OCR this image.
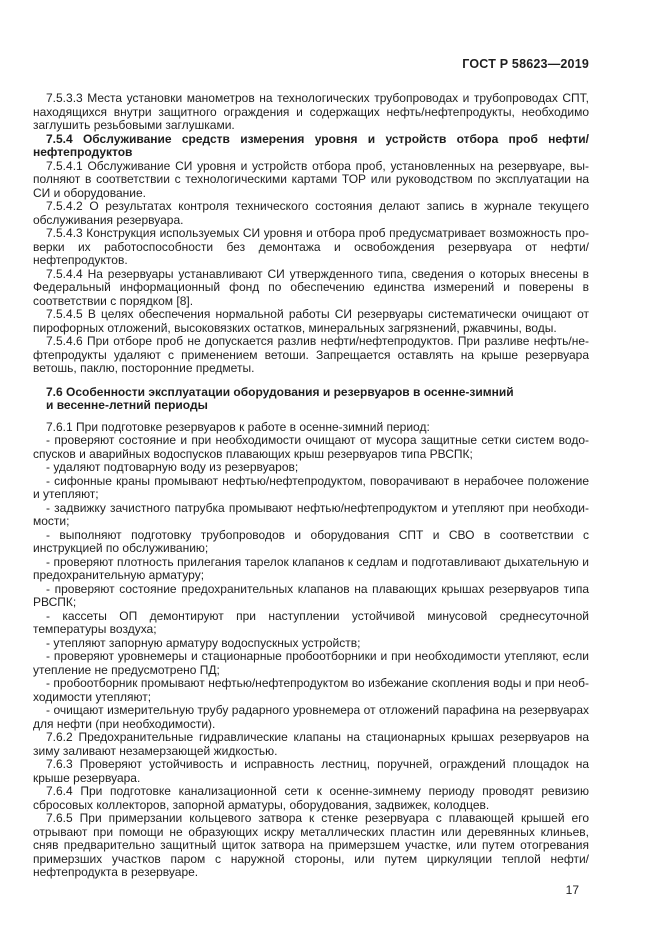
ГОСТ Р 58623—2019

7.5.3.3 Места установки манометров на технологических трубопроводах и трубопроводах СПТ, находящихся внутри защитного ограждения и содержащих нефть/нефтепродукты, необходимо заглушить резьбовыми заглушками.

7.5.4 Обслуживание средств измерения уровня и устройств отбора проб нефти/нефтепродуктов

7.5.4.1 Обслуживание СИ уровня и устройств отбора проб, установленных на резервуаре, выполняют в соответствии с технологическими картами ТОР или руководством по эксплуатации на СИ и оборудование.

7.5.4.2 О результатах контроля технического состояния делают запись в журнале текущего обслуживания резервуара.

7.5.4.3 Конструкция используемых СИ уровня и отбора проб предусматривает возможность проверки их работоспособности без демонтажа и освобождения резервуара от нефти/нефтепродуктов.

7.5.4.4 На резервуары устанавливают СИ утвержденного типа, сведения о которых внесены в Федеральный информационный фонд по обеспечению единства измерений и поверены в соответствии с порядком [8].

7.5.4.5 В целях обеспечения нормальной работы СИ резервуары систематически очищают от пирофорных отложений, высоковязких остатков, минеральных загрязнений, ржавчины, воды.

7.5.4.6 При отборе проб не допускается разлив нефти/нефтепродуктов. При разливе нефть/нефтепродукты удаляют с применением ветоши. Запрещается оставлять на крыше резервуара ветошь, паклю, посторонние предметы.

7.6 Особенности эксплуатации оборудования и резервуаров в осенне-зимний
и весенне-летний периоды

7.6.1 При подготовке резервуаров к работе в осенне-зимний период:

- проверяют состояние и при необходимости очищают от мусора защитные сетки систем водоспусков и аварийных водоспусков плавающих крыш резервуаров типа РВСПК;

- удаляют подтоварную воду из резервуаров;

- сифонные краны промывают нефтью/нефтепродуктом, поворачивают в нерабочее положение и утепляют;

- задвижку зачистного патрубка промывают нефтью/нефтепродуктом и утепляют при необходимости;

- выполняют подготовку трубопроводов и оборудования СПТ и СВО в соответствии с инструкцией по обслуживанию;

- проверяют плотность прилегания тарелок клапанов к седлам и подготавливают дыхательную и предохранительную арматуру;

- проверяют состояние предохранительных клапанов на плавающих крышах резервуаров типа РВСПК;

- кассеты ОП демонтируют при наступлении устойчивой минусовой среднесуточной температуры воздуха;

- утепляют запорную арматуру водоспускных устройств;

- проверяют уровнемеры и стационарные пробоотборники и при необходимости утепляют, если утепление не предусмотрено ПД;

- пробоотборник промывают нефтью/нефтепродуктом во избежание скопления воды и при необходимости утепляют;

- очищают измерительную трубу радарного уровнемера от отложений парафина на резервуарах для нефти (при необходимости).

7.6.2 Предохранительные гидравлические клапаны на стационарных крышах резервуаров на зиму заливают незамерзающей жидкостью.

7.6.3 Проверяют устойчивость и исправность лестниц, поручней, ограждений площадок на крыше резервуара.

7.6.4 При подготовке канализационной сети к осенне-зимнему периоду проводят ревизию сбросовых коллекторов, запорной арматуры, оборудования, задвижек, колодцев.

7.6.5 При примерзании кольцевого затвора к стенке резервуара с плавающей крышей его отрывают при помощи не образующих искру металлических пластин или деревянных клиньев, сняв предварительно защитный щиток затвора на примерзшем участке, или путем отогревания примерзших участков паром с наружной стороны, или путем циркуляции теплой нефти/нефтепродукта в резервуаре.

17
